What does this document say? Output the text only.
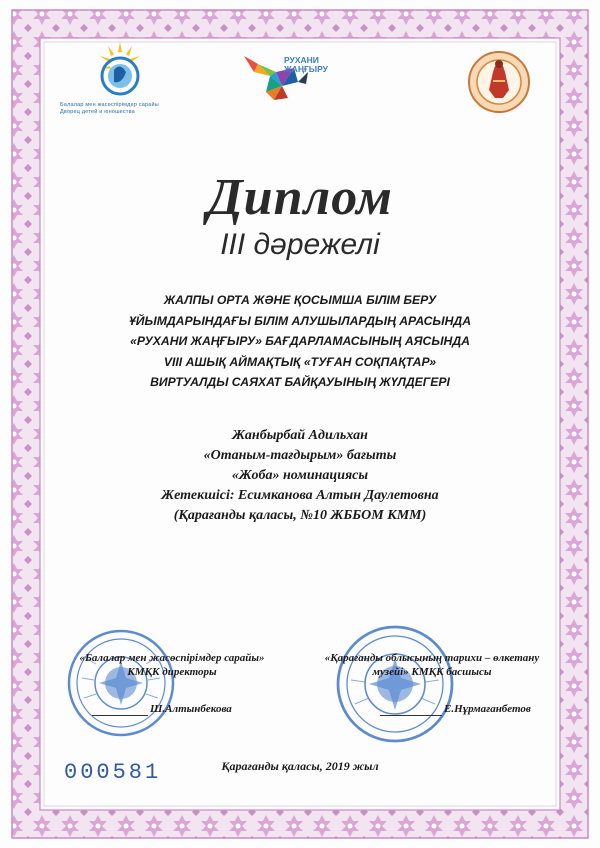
Балалар мен жасөспірімдер сарайы
Дворец детей и юношества
РУХАНИ
ЖАҢҒЫРУ
Диплом
III дәрежелі
ЖАЛПЫ ОРТА ЖӘНЕ ҚОСЫМША БІЛІМ БЕРУ
ҰЙЫМДАРЫНДАҒЫ БІЛІМ АЛУШЫЛАРДЫҢ АРАСЫНДА
«РУХАНИ ЖАҢҒЫРУ» БАҒДАРЛАМАСЫНЫҢ АЯСЫНДА
VIII АШЫҚ АЙМАҚТЫҚ «ТУҒАН СОҚПАҚТАР»
ВИРТУАЛДЫ САЯХАТ БАЙҚАУЫНЫҢ ЖҮЛДЕГЕРІ
Жанбырбай Адильхан
«Отаным-тағдырым» бағыты
«Жоба» номинациясы
Жетекшісі: Есимканова Алтын Даулетовна
(Қарағанды қаласы, №10 ЖББОМ КММ)
«Балалар мен жасөспірімдер сарайы»
КМҚК директоры
Ш.Алтынбекова
«Қарағанды облысының тарихи – өлкетану
музейі» КМҚК басшысы
Е.Нұрмағанбетов
000581	Қарағанды қаласы, 2019 жыл
